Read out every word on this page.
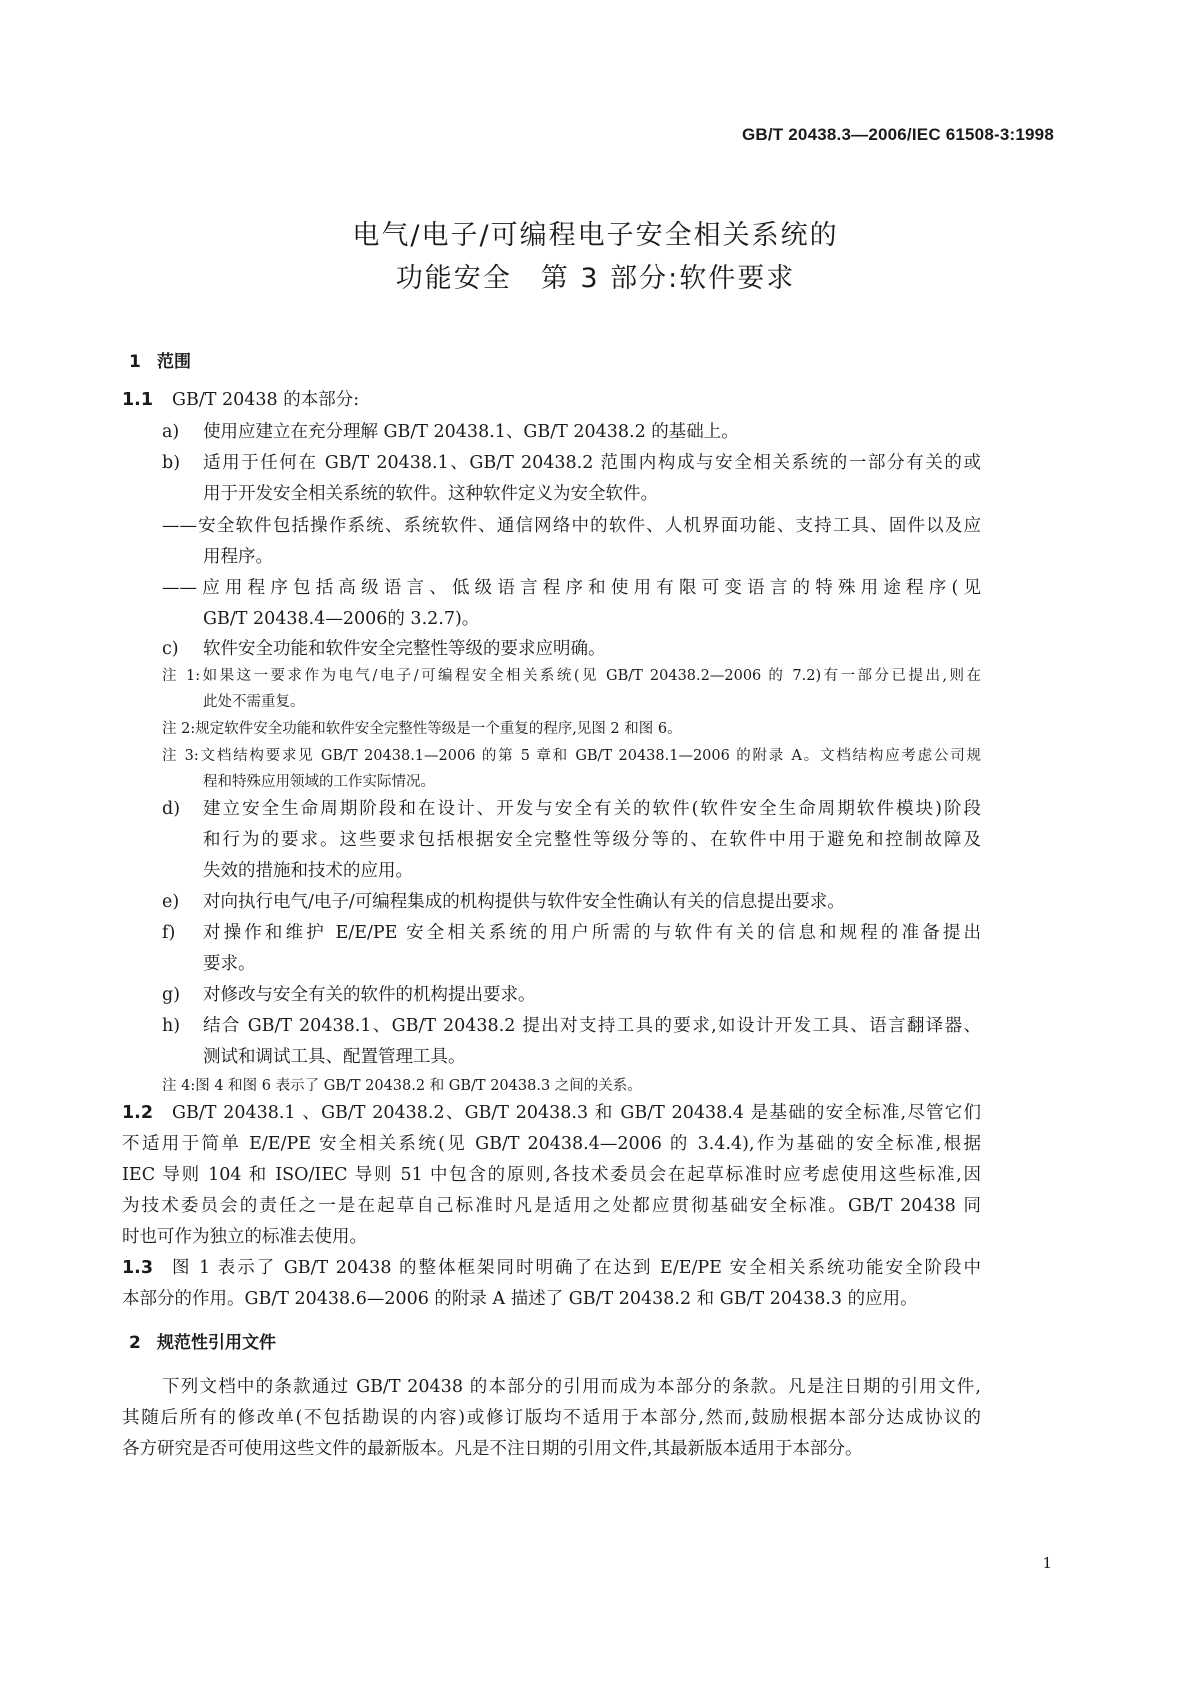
GB/T 20438.3—2006/IEC 61508-3:1998
电气/电子/可编程电子安全相关系统的
功能安全　第 3 部分:软件要求
1 范围
1.1 GB/T 20438 的本部分:
a) 使用应建立在充分理解 GB/T 20438.1、GB/T 20438.2 的基础上。
b) 适用于任何在 GB/T 20438.1、GB/T 20438.2 范围内构成与安全相关系统的一部分有关的或
用于开发安全相关系统的软件。这种软件定义为安全软件。
——安全软件包括操作系统、系统软件、通信网络中的软件、人机界面功能、支持工具、固件以及应
用程序。
——应用程序包括高级语言、低级语言程序和使用有限可变语言的特殊用途程序(见
GB/T 20438.4—2006的 3.2.7)。
c) 软件安全功能和软件安全完整性等级的要求应明确。
注 1:如果这一要求作为电气/电子/可编程安全相关系统(见 GB/T 20438.2—2006 的 7.2)有一部分已提出,则在
此处不需重复。
注 2:规定软件安全功能和软件安全完整性等级是一个重复的程序,见图 2 和图 6。
注 3:文档结构要求见 GB/T 20438.1—2006 的第 5 章和 GB/T 20438.1—2006 的附录 A。文档结构应考虑公司规
程和特殊应用领域的工作实际情况。
d) 建立安全生命周期阶段和在设计、开发与安全有关的软件(软件安全生命周期软件模块)阶段
和行为的要求。这些要求包括根据安全完整性等级分等的、在软件中用于避免和控制故障及
失效的措施和技术的应用。
e) 对向执行电气/电子/可编程集成的机构提供与软件安全性确认有关的信息提出要求。
f) 对操作和维护 E/E/PE 安全相关系统的用户所需的与软件有关的信息和规程的准备提出
要求。
g) 对修改与安全有关的软件的机构提出要求。
h) 结合 GB/T 20438.1、GB/T 20438.2 提出对支持工具的要求,如设计开发工具、语言翻译器、
测试和调试工具、配置管理工具。
注 4:图 4 和图 6 表示了 GB/T 20438.2 和 GB/T 20438.3 之间的关系。
1.2 GB/T 20438.1 、GB/T 20438.2、GB/T 20438.3 和 GB/T 20438.4 是基础的安全标准,尽管它们
不适用于简单 E/E/PE 安全相关系统(见 GB/T 20438.4—2006 的 3.4.4),作为基础的安全标准,根据
IEC 导则 104 和 ISO/IEC 导则 51 中包含的原则,各技术委员会在起草标准时应考虑使用这些标准,因
为技术委员会的责任之一是在起草自己标准时凡是适用之处都应贯彻基础安全标准。GB/T 20438 同
时也可作为独立的标准去使用。
1.3 图 1 表示了 GB/T 20438 的整体框架同时明确了在达到 E/E/PE 安全相关系统功能安全阶段中
本部分的作用。GB/T 20438.6—2006 的附录 A 描述了 GB/T 20438.2 和 GB/T 20438.3 的应用。
2 规范性引用文件
下列文档中的条款通过 GB/T 20438 的本部分的引用而成为本部分的条款。凡是注日期的引用文件,
其随后所有的修改单(不包括勘误的内容)或修订版均不适用于本部分,然而,鼓励根据本部分达成协议的
各方研究是否可使用这些文件的最新版本。凡是不注日期的引用文件,其最新版本适用于本部分。
1
